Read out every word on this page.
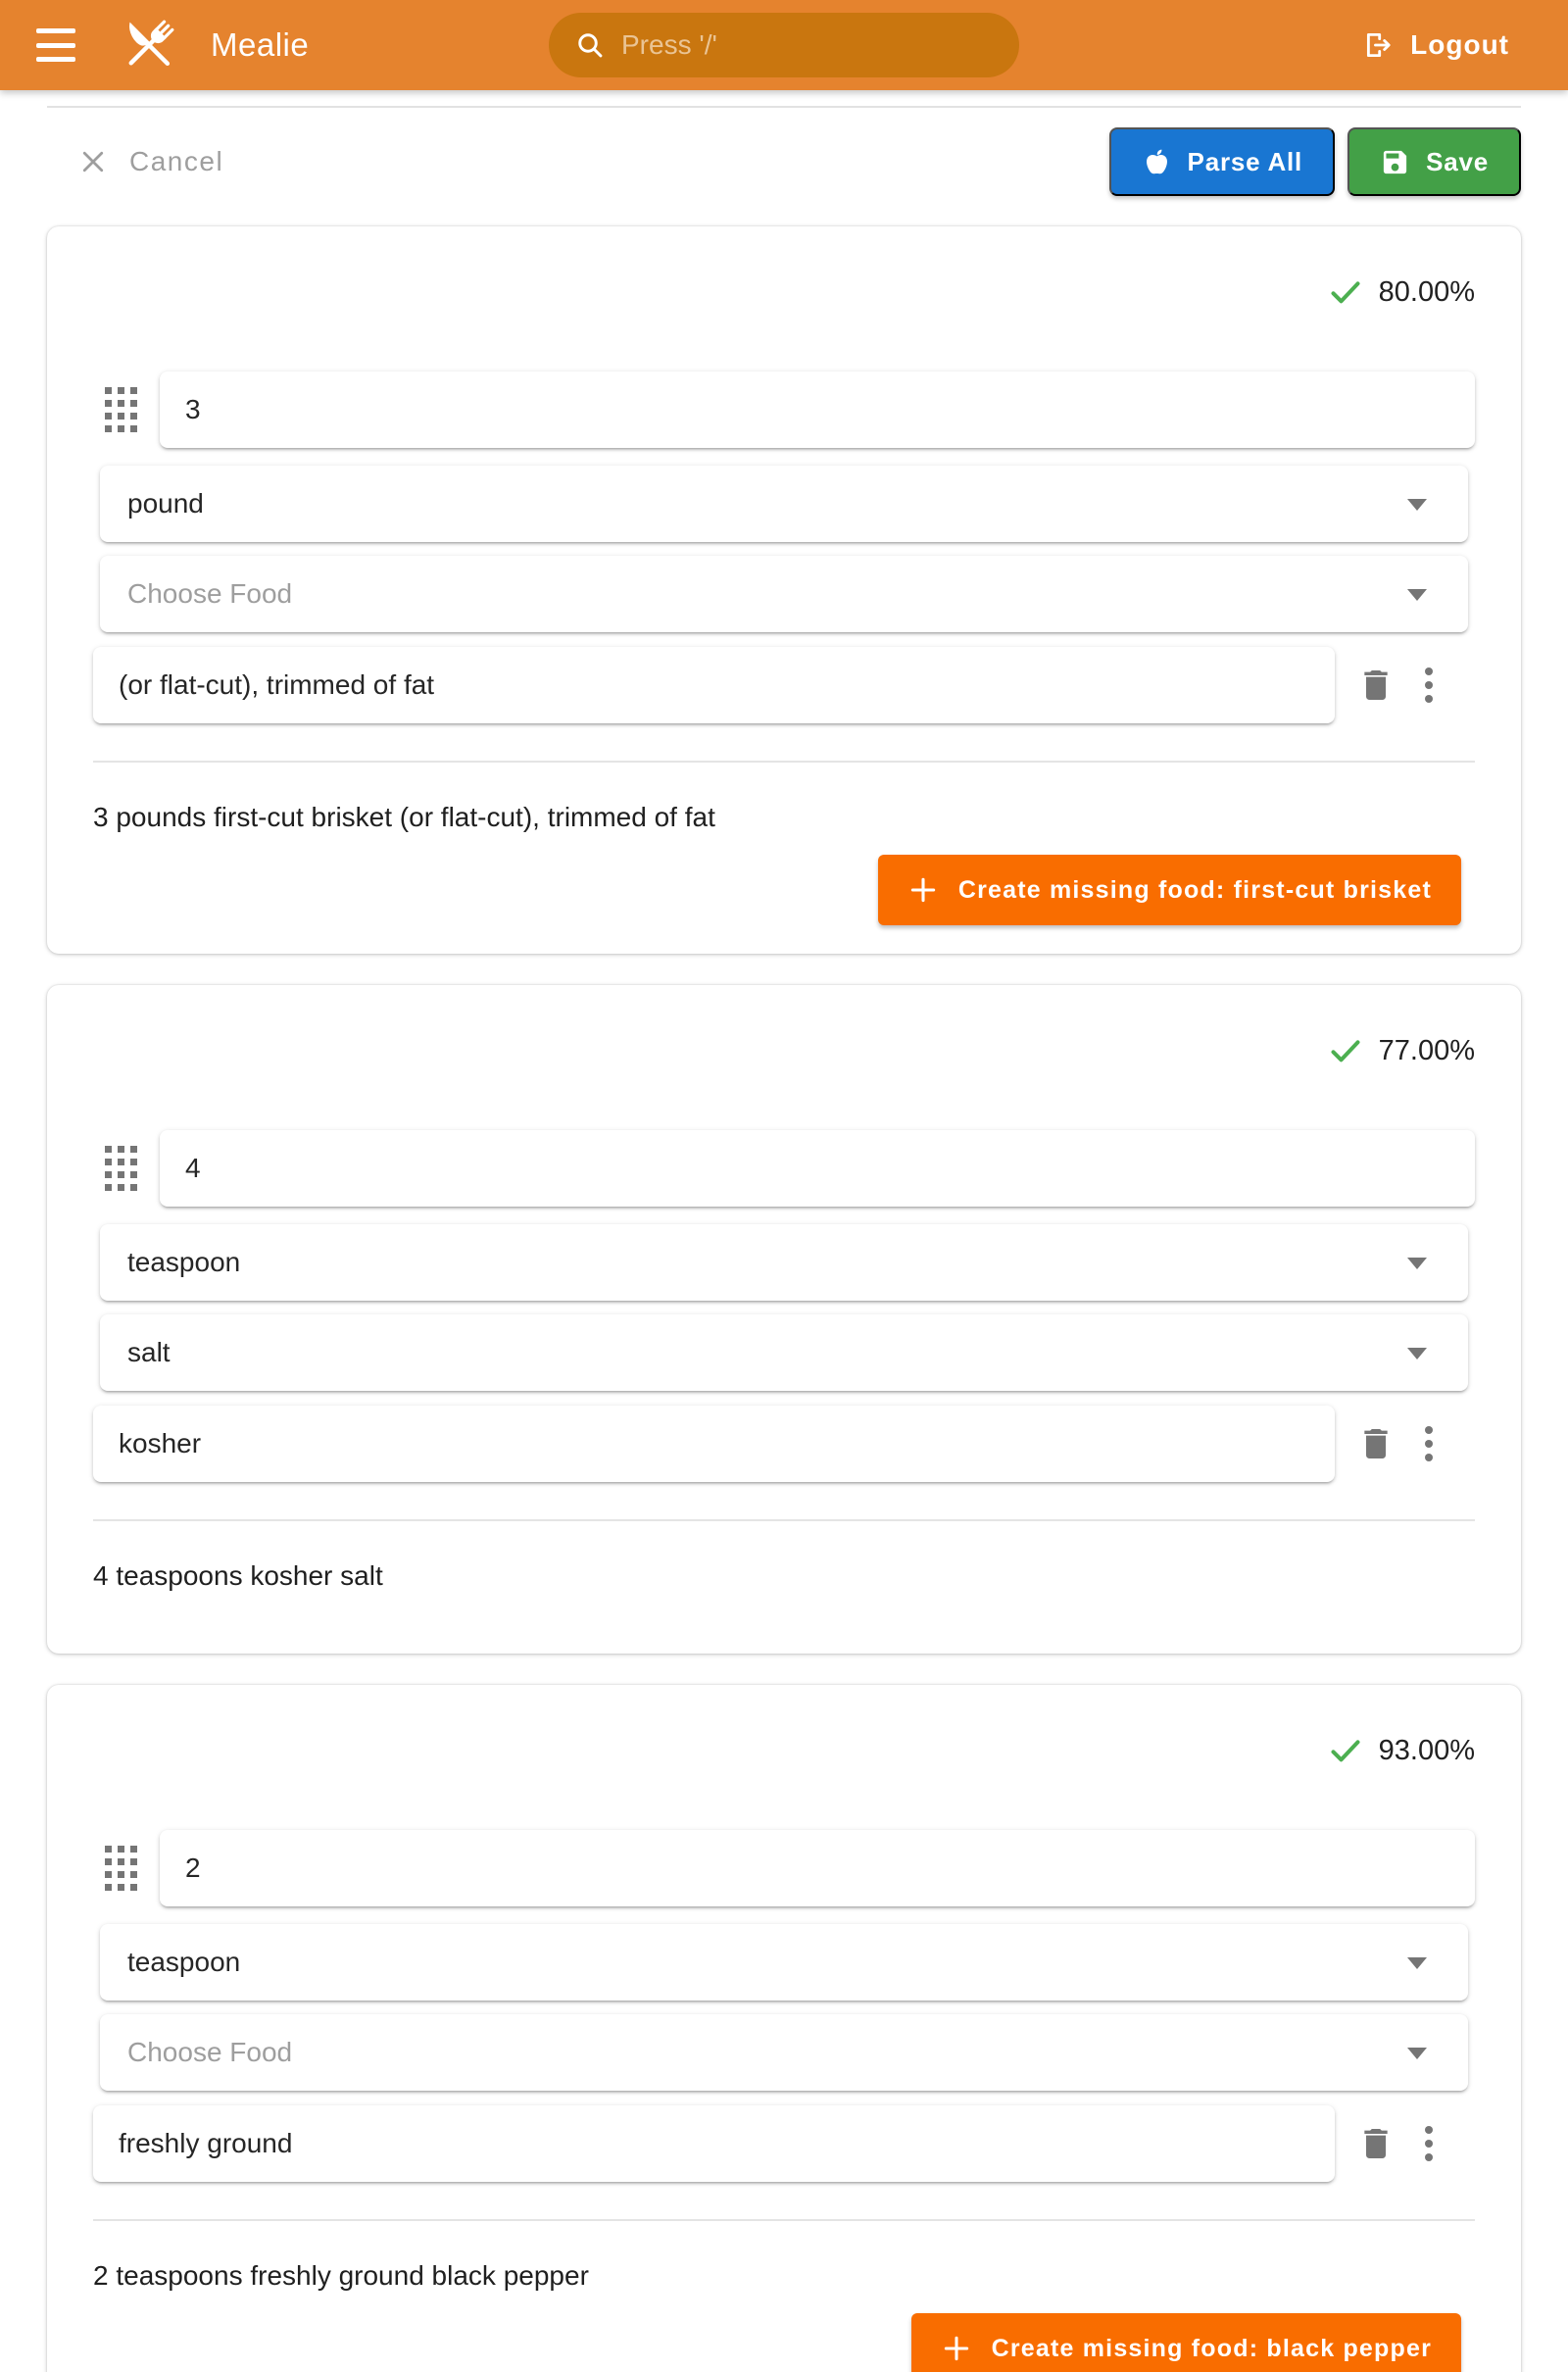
Mealie
Press '/'	Logout
Cancel	Parse All	Save
80.00%
3
pound
Choose Food
(or flat-cut), trimmed of fat
3 pounds first-cut brisket (or flat-cut), trimmed of fat
Create missing food: first-cut brisket
77.00%
4
teaspoon
salt
kosher
4 teaspoons kosher salt
93.00%
2
teaspoon
Choose Food
freshly ground
2 teaspoons freshly ground black pepper
Create missing food: black pepper
